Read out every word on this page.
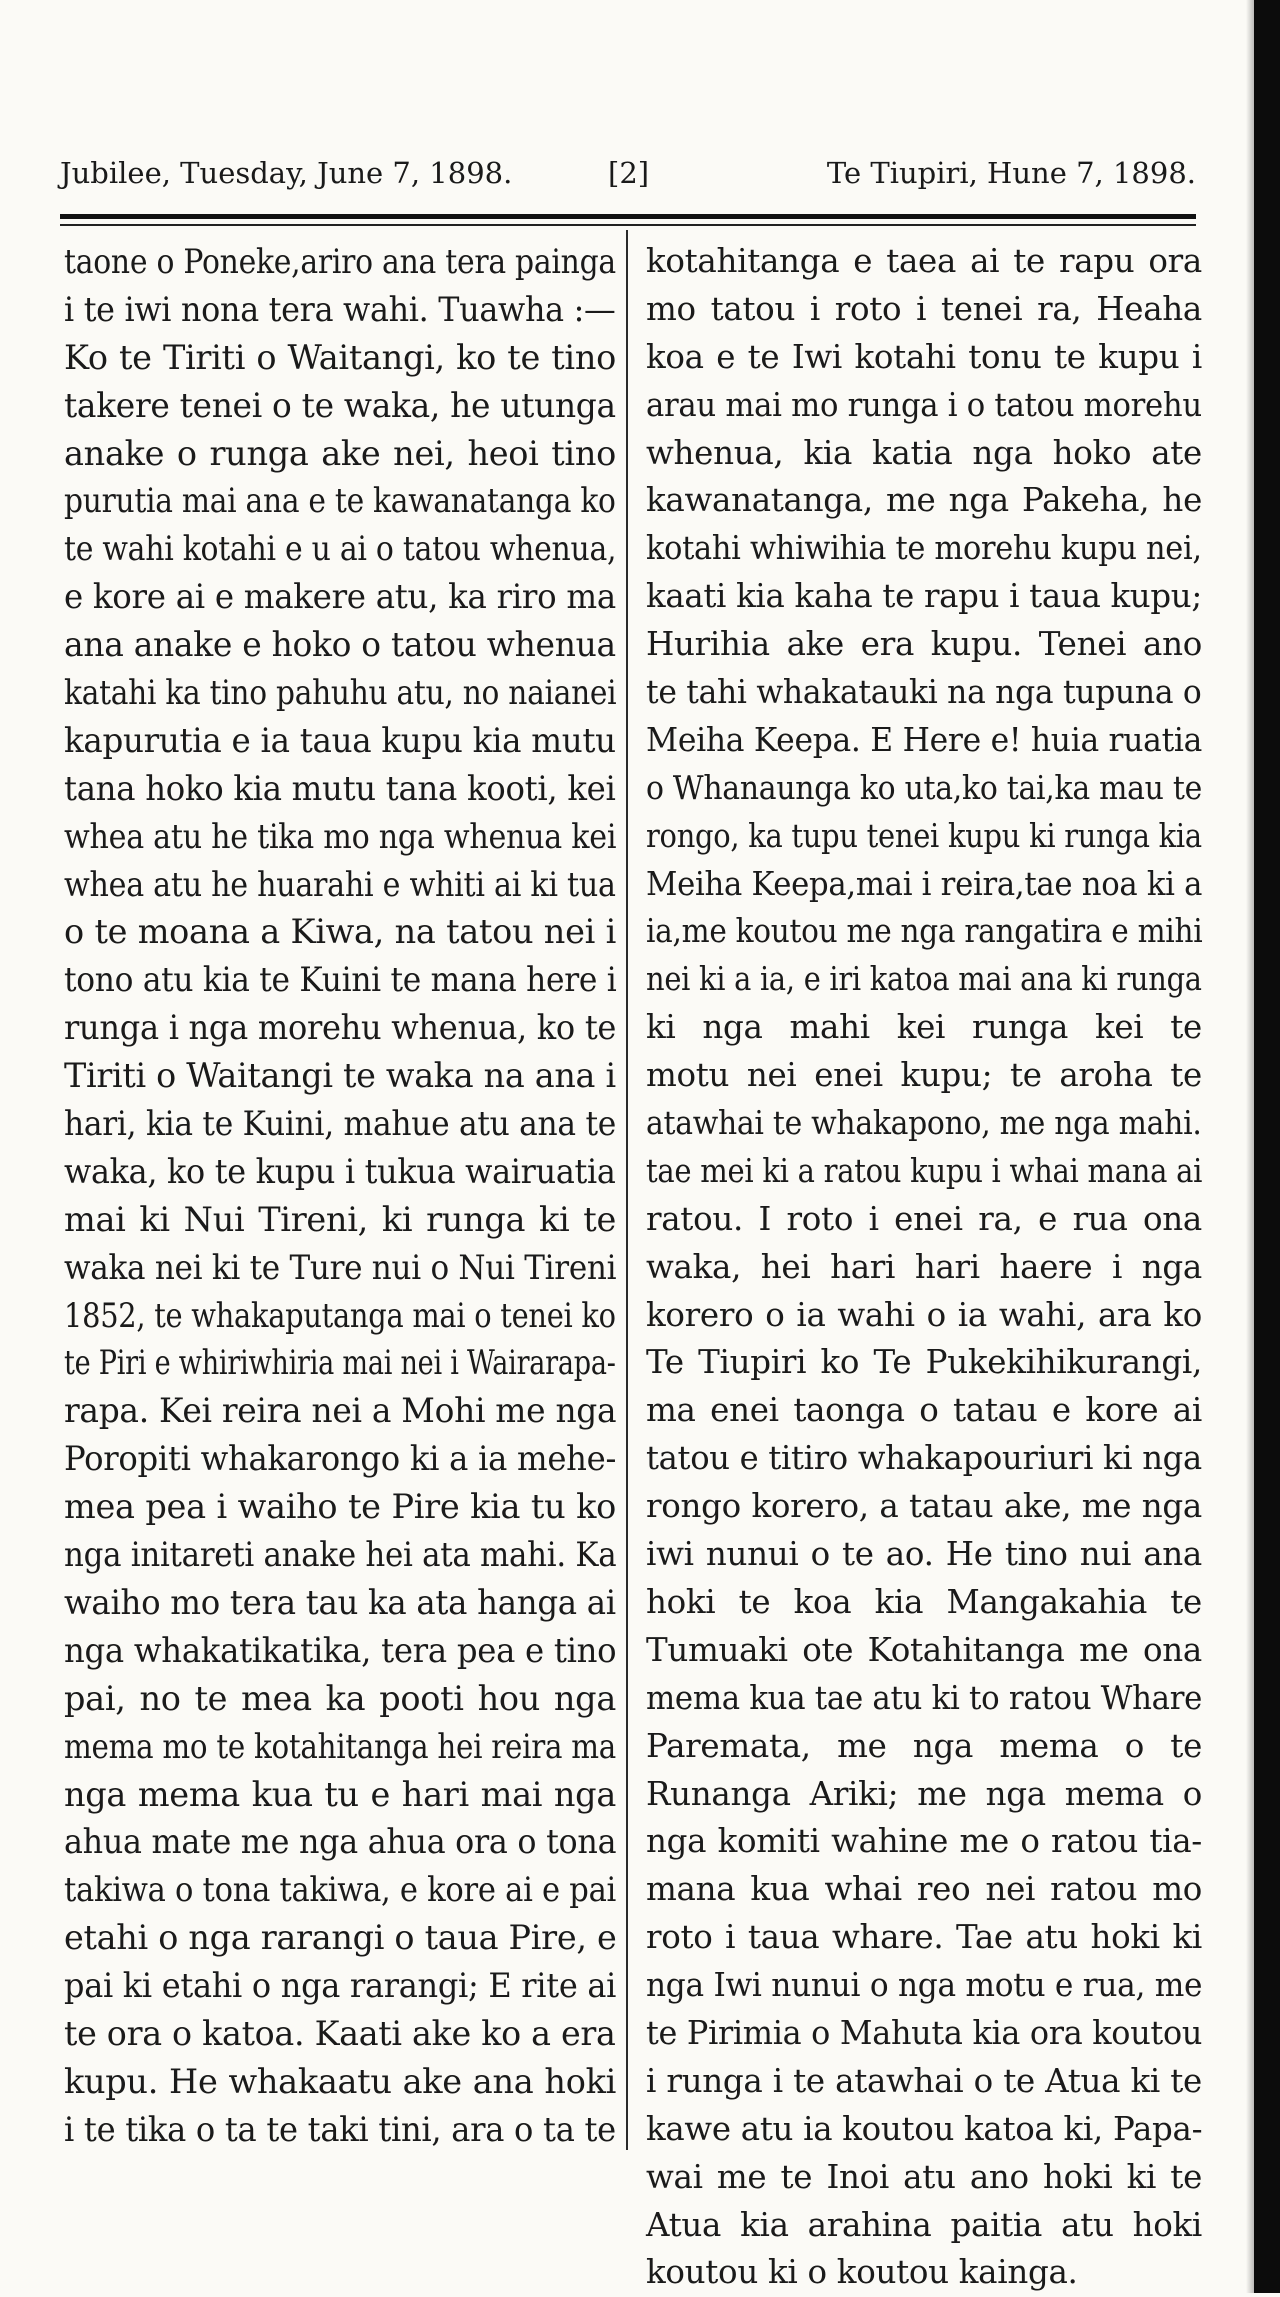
Jubilee, Tuesday, June 7, 1898.	[2]	Te Tiupiri, Hune 7, 1898.
taone o Poneke,ariro ana tera painga
i te iwi nona tera wahi. Tuawha :—
Ko te Tiriti o Waitangi, ko te tino
takere tenei o te waka, he utunga
anake o runga ake nei, heoi tino
purutia mai ana e te kawanatanga ko
te wahi kotahi e u ai o tatou whenua,
e kore ai e makere atu, ka riro ma
ana anake e hoko o tatou whenua
katahi ka tino pahuhu atu, no naianei
kapurutia e ia taua kupu kia mutu
tana hoko kia mutu tana kooti, kei
whea atu he tika mo nga whenua kei
whea atu he huarahi e whiti ai ki tua
o te moana a Kiwa, na tatou nei i
tono atu kia te Kuini te mana here i
runga i nga morehu whenua, ko te
Tiriti o Waitangi te waka na ana i
hari, kia te Kuini, mahue atu ana te
waka, ko te kupu i tukua wairuatia
mai ki Nui Tireni, ki runga ki te
waka nei ki te Ture nui o Nui Tireni
1852, te whakaputanga mai o tenei ko
te Piri e whiriwhiria mai nei i Wairarapa-
rapa. Kei reira nei a Mohi me nga
Poropiti whakarongo ki a ia mehe-
mea pea i waiho te Pire kia tu ko
nga initareti anake hei ata mahi. Ka
waiho mo tera tau ka ata hanga ai
nga whakatikatika, tera pea e tino
pai, no te mea ka pooti hou nga
mema mo te kotahitanga hei reira ma
nga mema kua tu e hari mai nga
ahua mate me nga ahua ora o tona
takiwa o tona takiwa, e kore ai e pai
etahi o nga rarangi o taua Pire, e
pai ki etahi o nga rarangi; E rite ai
te ora o katoa. Kaati ake ko a era
kupu. He whakaatu ake ana hoki
i te tika o ta te taki tini, ara o ta te
kotahitanga e taea ai te rapu ora
mo tatou i roto i tenei ra, Heaha
koa e te Iwi kotahi tonu te kupu i
arau mai mo runga i o tatou morehu
whenua, kia katia nga hoko ate
kawanatanga, me nga Pakeha, he
kotahi whiwihia te morehu kupu nei,
kaati kia kaha te rapu i taua kupu;
Hurihia ake era kupu. Tenei ano
te tahi whakatauki na nga tupuna o
Meiha Keepa. E Here e! huia ruatia
o Whanaunga ko uta,ko tai,ka mau te
rongo, ka tupu tenei kupu ki runga kia
Meiha Keepa,mai i reira,tae noa ki a
ia,me koutou me nga rangatira e mihi
nei ki a ia, e iri katoa mai ana ki runga
ki nga mahi kei runga kei te
motu nei enei kupu; te aroha te
atawhai te whakapono, me nga mahi.
tae mei ki a ratou kupu i whai mana ai
ratou. I roto i enei ra, e rua ona
waka, hei hari hari haere i nga
korero o ia wahi o ia wahi, ara ko
Te Tiupiri ko Te Pukekihikurangi,
ma enei taonga o tatau e kore ai
tatou e titiro whakapouriuri ki nga
rongo korero, a tatau ake, me nga
iwi nunui o te ao. He tino nui ana
hoki te koa kia Mangakahia te
Tumuaki ote Kotahitanga me ona
mema kua tae atu ki to ratou Whare
Paremata, me nga mema o te
Runanga Ariki; me nga mema o
nga komiti wahine me o ratou tia-
mana kua whai reo nei ratou mo
roto i taua whare. Tae atu hoki ki
nga Iwi nunui o nga motu e rua, me
te Pirimia o Mahuta kia ora koutou
i runga i te atawhai o te Atua ki te
kawe atu ia koutou katoa ki, Papa-
wai me te Inoi atu ano hoki ki te
Atua kia arahina paitia atu hoki
koutou ki o koutou kainga.
